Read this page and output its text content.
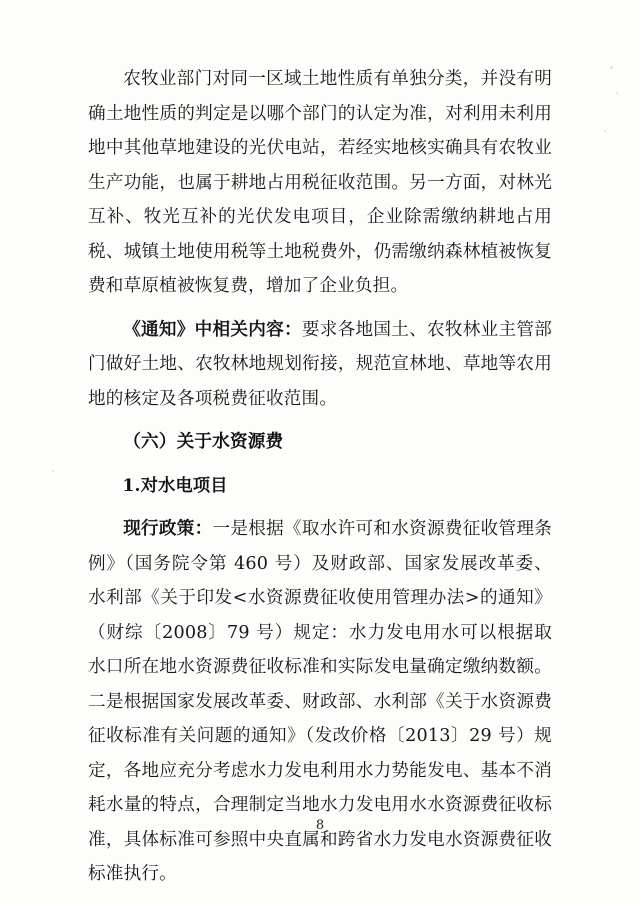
农牧业部门对同一区域土地性质有单独分类，并没有明确土地性质的判定是以哪个部门的认定为准，对利用未利用地中其他草地建设的光伏电站，若经实地核实确具有农牧业生产功能，也属于耕地占用税征收范围。另一方面，对林光互补、牧光互补的光伏发电项目，企业除需缴纳耕地占用税、城镇土地使用税等土地税费外，仍需缴纳森林植被恢复费和草原植被恢复费，增加了企业负担。

《通知》中相关内容：要求各地国土、农牧林业主管部门做好土地、农牧林地规划衔接，规范宣林地、草地等农用地的核定及各项税费征收范围。

（六）关于水资源费

1.对水电项目

现行政策：一是根据《取水许可和水资源费征收管理条例》（国务院令第 460 号）及财政部、国家发展改革委、水利部《关于印发<水资源费征收使用管理办法>的通知》（财综〔2008〕79 号）规定：水力发电用水可以根据取水口所在地水资源费征收标准和实际发电量确定缴纳数额。二是根据国家发展改革委、财政部、水利部《关于水资源费征收标准有关问题的通知》（发改价格〔2013〕29 号）规定，各地应充分考虑水力发电利用水力势能发电、基本不消耗水量的特点，合理制定当地水力发电用水水资源费征收标准，具体标准可参照中央直属和跨省水力发电水资源费征收标准执行。

8
